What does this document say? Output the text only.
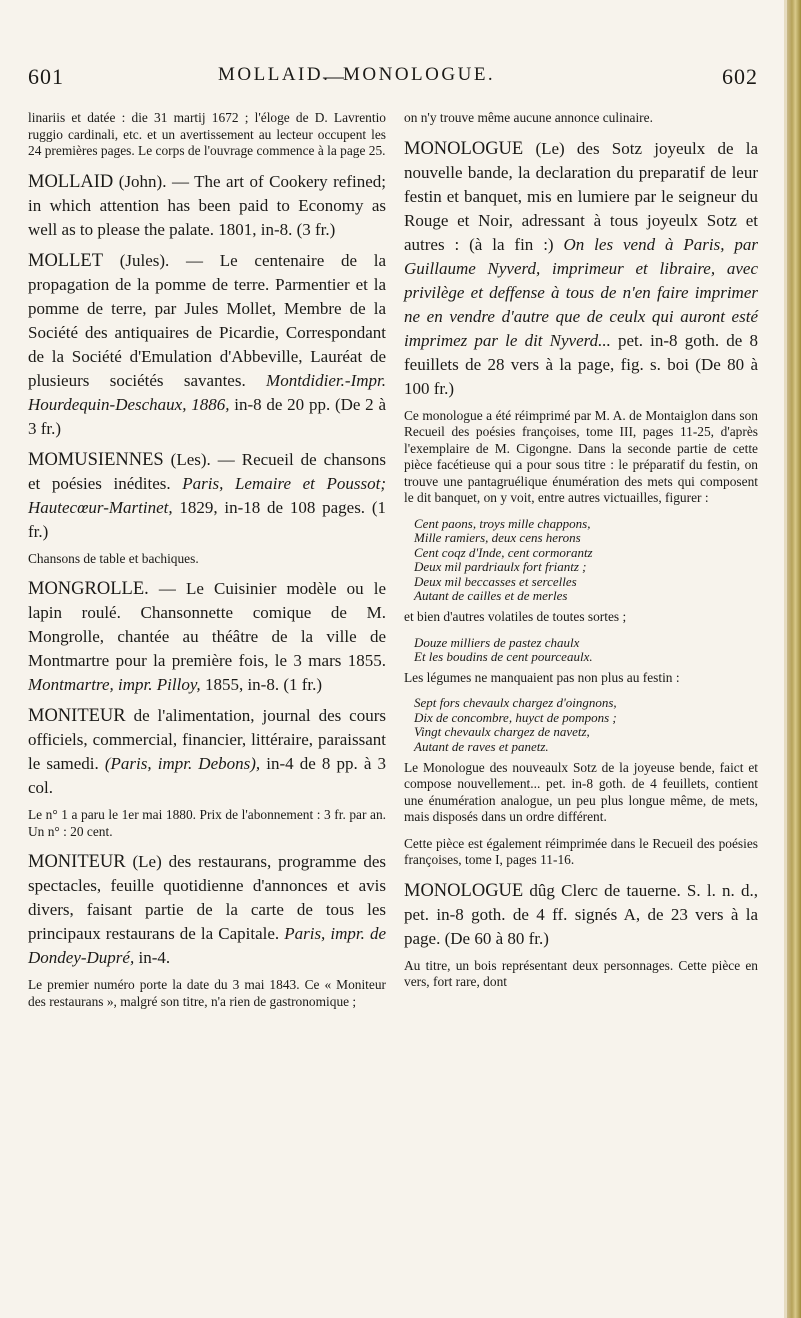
601	MOLLAID.
—
MONOLOGUE.	602

linariis et datée : die 31 martij 1672 ; l'éloge de D. Lavrentio ruggio cardinali, etc. et un avertissement au lecteur occupent les 24 premières pages. Le corps de l'ouvrage commence à la page 25.

MOLLAID (John). — The art of Cookery refined; in which attention has been paid to Economy as well as to please the palate. 1801, in-8. (3 fr.)

MOLLET (Jules). — Le centenaire de la propagation de la pomme de terre. Parmentier et la pomme de terre, par Jules Mollet, Membre de la Société des antiquaires de Picardie, Correspondant de la Société d'Emulation d'Abbeville, Lauréat de plusieurs sociétés savantes. Montdidier.-Impr. Hourdequin-Deschaux, 1886, in-8 de 20 pp. (De 2 à 3 fr.)

MOMUSIENNES (Les). — Recueil de chansons et poésies inédites. Paris, Lemaire et Poussot; Hautecœur-Martinet, 1829, in-18 de 108 pages. (1 fr.)

Chansons de table et bachiques.

MONGROLLE. — Le Cuisinier modèle ou le lapin roulé. Chansonnette comique de M. Mongrolle, chantée au théâtre de la ville de Montmartre pour la première fois, le 3 mars 1855. Montmartre, impr. Pilloy, 1855, in-8. (1 fr.)

MONITEUR de l'alimentation, journal des cours officiels, commercial, financier, littéraire, paraissant le samedi. (Paris, impr. Debons), in-4 de 8 pp. à 3 col.

Le n° 1 a paru le 1er mai 1880. Prix de l'abonnement : 3 fr. par an. Un n° : 20 cent.

MONITEUR (Le) des restaurans, programme des spectacles, feuille quotidienne d'annonces et avis divers, faisant partie de la carte de tous les principaux restaurans de la Capitale. Paris, impr. de Dondey-Dupré, in-4.

Le premier numéro porte la date du 3 mai 1843. Ce « Moniteur des restaurans », malgré son titre, n'a rien de gastronomique ;

on n'y trouve même aucune annonce culinaire.

MONOLOGUE (Le) des Sotz joyeulx de la nouvelle bande, la declaration du preparatif de leur festin et banquet, mis en lumiere par le seigneur du Rouge et Noir, adressant à tous joyeulx Sotz et autres : (à la fin :) On les vend à Paris, par Guillaume Nyverd, imprimeur et libraire, avec privilège et deffense à tous de n'en faire imprimer ne en vendre d'autre que de ceulx qui auront esté imprimez par le dit Nyverd... pet. in-8 goth. de 8 feuillets de 28 vers à la page, fig. s. boi (De 80 à 100 fr.)

Ce monologue a été réimprimé par M. A. de Montaiglon dans son Recueil des poésies françoises, tome III, pages 11-25, d'après l'exemplaire de M. Cigongne. Dans la seconde partie de cette pièce facétieuse qui a pour sous titre : le préparatif du festin, on trouve une pantagruélique énumération des mets qui composent le dit banquet, on y voit, entre autres victuailles, figurer :

Cent paons, troys mille chappons,
Mille ramiers, deux cens herons
Cent coqz d'Inde, cent cormorantz
Deux mil pardriaulx fort friantz ;
Deux mil beccasses et sercelles
Autant de cailles et de merles

et bien d'autres volatiles de toutes sortes ;

Douze milliers de pastez chaulx
Et les boudins de cent pourceaulx.

Les légumes ne manquaient pas non plus au festin :

Sept fors chevaulx chargez d'oingnons,
Dix de concombre, huyct de pompons ;
Vingt chevaulx chargez de navetz,
Autant de raves et panetz.

Le Monologue des nouveaulx Sotz de la joyeuse bende, faict et compose nouvellement... pet. in-8 goth. de 4 feuillets, contient une énumération analogue, un peu plus longue même, de mets, mais disposés dans un ordre différent.

Cette pièce est également réimprimée dans le Recueil des poésies françoises, tome I, pages 11-16.

MONOLOGUE dûg Clerc de tauerne. S. l. n. d., pet. in-8 goth. de 4 ff. signés A, de 23 vers à la page. (De 60 à 80 fr.)

Au titre, un bois représentant deux personnages. Cette pièce en vers, fort rare, dont
